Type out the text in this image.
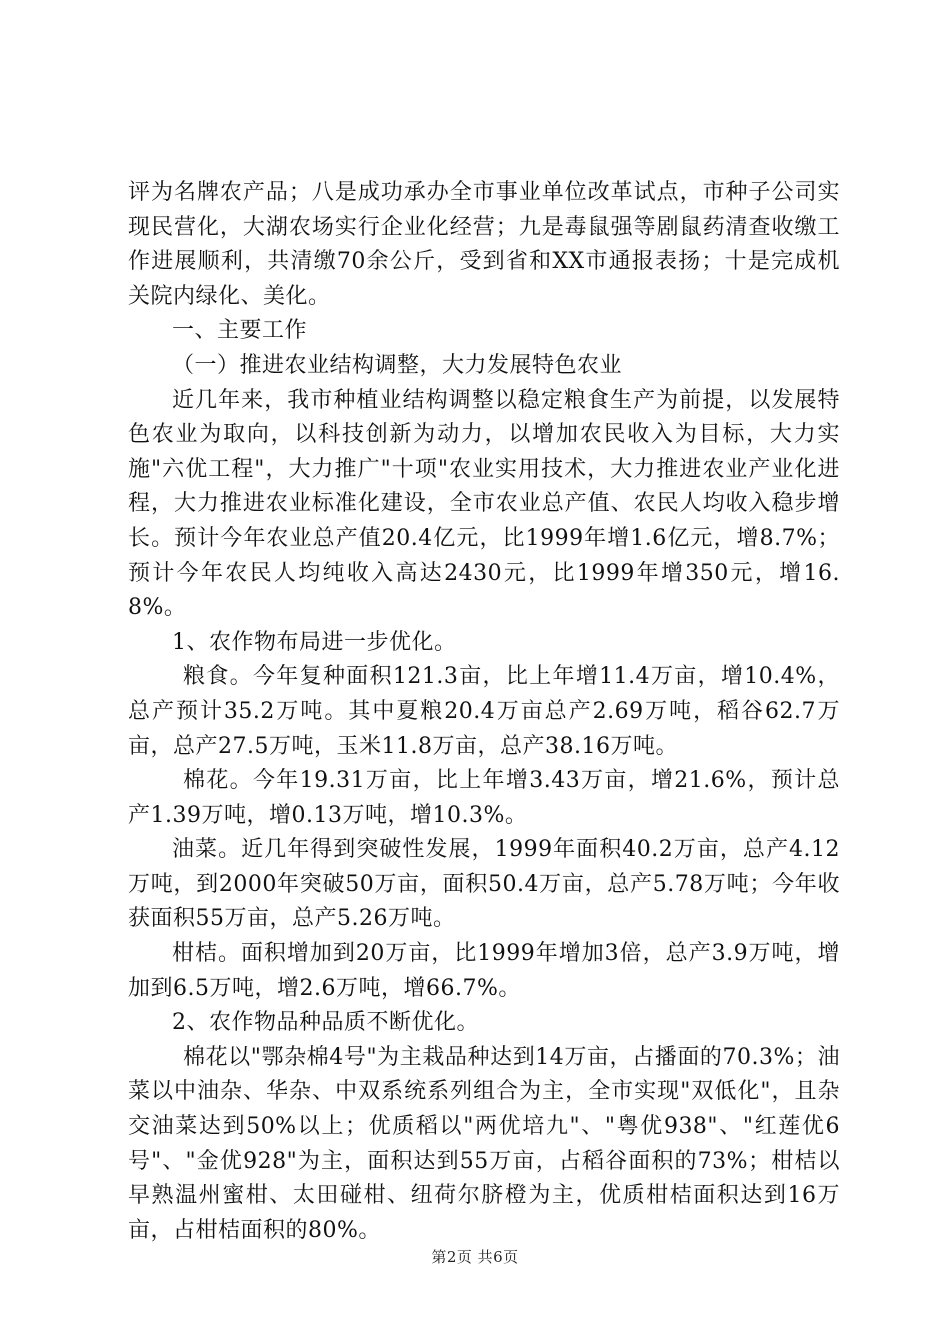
评为名牌农产品；八是成功承办全市事业单位改革试点，市种子公司实现民营化，大湖农场实行企业化经营；九是毒鼠强等剧鼠药清查收缴工作进展顺利，共清缴70余公斤，受到省和XX市通报表扬；十是完成机关院内绿化、美化。

一、主要工作

（一）推进农业结构调整，大力发展特色农业

近几年来，我市种植业结构调整以稳定粮食生产为前提，以发展特色农业为取向，以科技创新为动力，以增加农民收入为目标，大力实施"六优工程"，大力推广"十项"农业实用技术，大力推进农业产业化进程，大力推进农业标准化建设，全市农业总产值、农民人均收入稳步增长。预计今年农业总产值20.4亿元，比1999年增1.6亿元，增8.7%；预计今年农民人均纯收入高达2430元，比1999年增350元，增16.8%。

1、农作物布局进一步优化。

粮食。今年复种面积121.3亩，比上年增11.4万亩，增10.4%，总产预计35.2万吨。其中夏粮20.4万亩总产2.69万吨，稻谷62.7万亩，总产27.5万吨，玉米11.8万亩，总产38.16万吨。

棉花。今年19.31万亩，比上年增3.43万亩，增21.6%，预计总产1.39万吨，增0.13万吨，增10.3%。

油菜。近几年得到突破性发展，1999年面积40.2万亩，总产4.12万吨，到2000年突破50万亩，面积50.4万亩，总产5.78万吨；今年收获面积55万亩，总产5.26万吨。

柑桔。面积增加到20万亩，比1999年增加3倍，总产3.9万吨，增加到6.5万吨，增2.6万吨，增66.7%。

2、农作物品种品质不断优化。

棉花以"鄂杂棉4号"为主栽品种达到14万亩，占播面的70.3%；油菜以中油杂、华杂、中双系统系列组合为主，全市实现"双低化"，且杂交油菜达到50%以上；优质稻以"两优培九"、"粤优938"、"红莲优6号"、"金优928"为主，面积达到55万亩，占稻谷面积的73%；柑桔以早熟温州蜜柑、太田碰柑、纽荷尔脐橙为主，优质柑桔面积达到16万亩，占柑桔面积的80%。

第2页 共6页
